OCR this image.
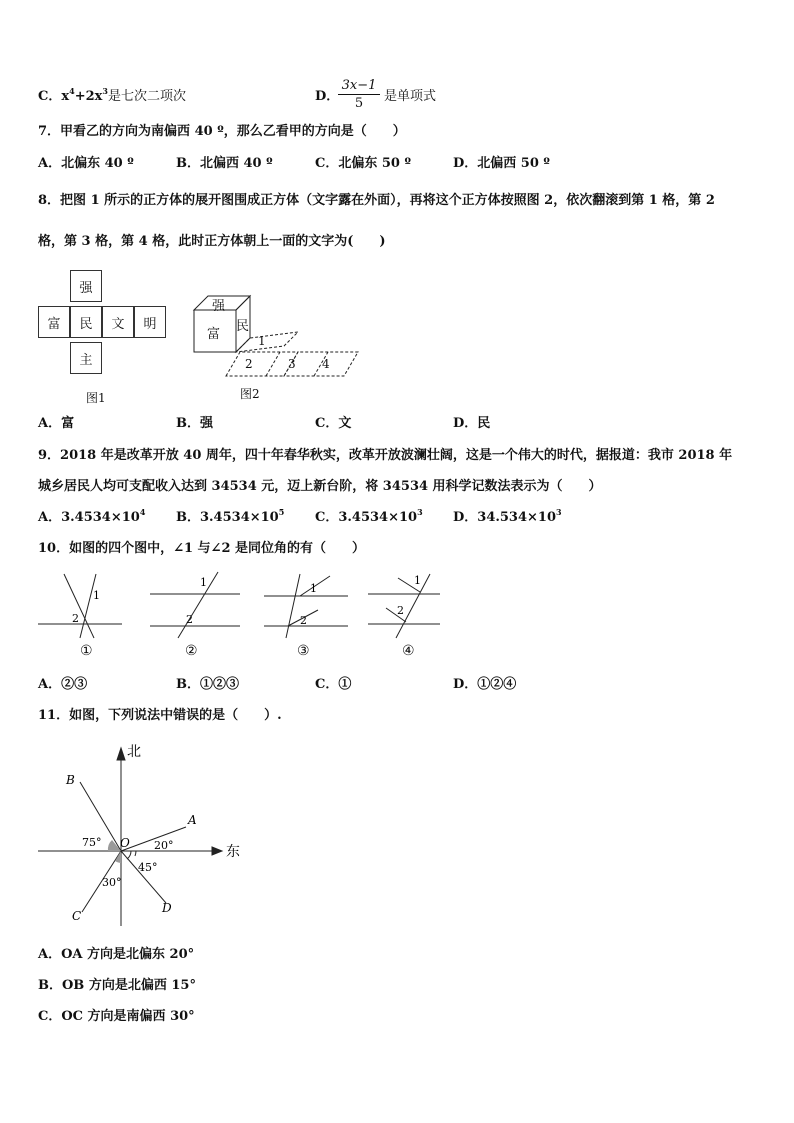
C．$x^4+2x^3$是七次二项次	D．
$\frac{3x-1}{5}$ 是单项式
7．甲看乙的方向为南偏西 40 º，那么乙看甲的方向是（　　）
A．北偏东 40 º	B．北偏西 40 º	C．北偏东 50 º	D．北偏西 50 º
8．把图 1 所示的正方体的展开图围成正方体（文字露在外面），再将这个正方体按照图 2，依次翻滚到第 1 格，第 2
格，第 3 格，第 4 格，此时正方体朝上一面的文字为(　　)
强
富	民	文	明
主
图1
强
富
民
1
2	3 4
图2
A．富	B．强	C．文	D．民
9．2018 年是改革开放 40 周年，四十年春华秋实，改革开放波澜壮阔，这是一个伟大的时代，据报道：我市 2018 年
城乡居民人均可支配收入达到 34534 元，迈上新台阶，将 34534 用科学记数法表示为（　　）
A．$3.4534\times 10^4$ B．$3.4534\times 10^5$ C．$3.4534\times 10^3$ D．$34.534\times 10^3$
10．如图的四个图中，∠1 与∠2 是同位角的有（　　）
1
2
①
1
2
②
1
2
③
1
2
④
A．②③	B．①②③	C．①	D．①②④
11．如图，下列说法中错误的是（　　）.
北
东
O
A
B
C
D
75°	20°
45°
30°
A．OA 方向是北偏东 20°
B．OB 方向是北偏西 15°
C．OC 方向是南偏西 30°
